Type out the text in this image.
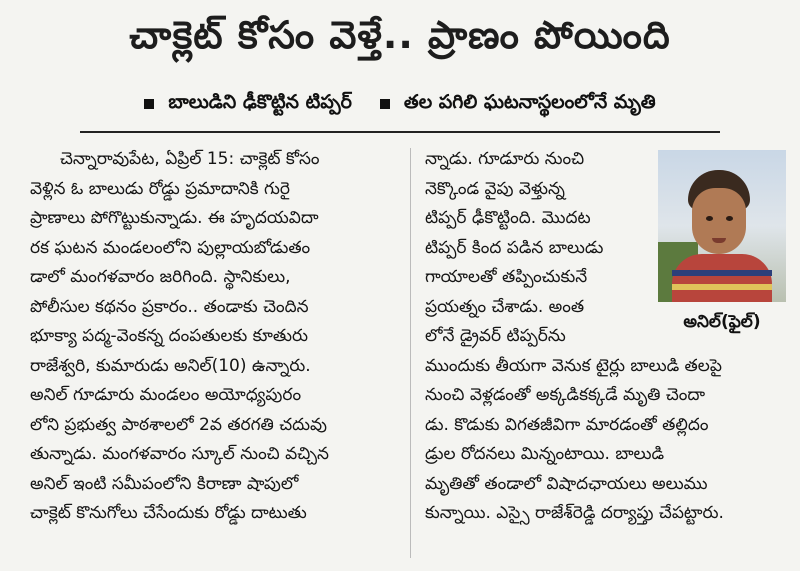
చాక్లెట్ కోసం వెళ్తే.. ప్రాణం పోయింది
బాలుడిని ఢీకొట్టిన టిప్పర్	తల పగిలి ఘటనాస్థలంలోనే మృతి
చెన్నారావుపేట, ఏప్రిల్ 15: చాక్లెట్ కోసం
వెళ్లిన ఓ బాలుడు రోడ్డు ప్రమాదానికి గురై
ప్రాణాలు పోగొట్టుకున్నాడు. ఈ హృదయవిదా
రక ఘటన మండలంలోని పుల్లాయబోడుతం
డాలో మంగళవారం జరిగింది. స్థానికులు,
పోలీసుల కథనం ప్రకారం.. తండాకు చెందిన
భూక్యా పద్మ-వెంకన్న దంపతులకు కూతురు
రాజేశ్వరి, కుమారుడు అనిల్(10) ఉన్నారు.
అనిల్ గూడూరు మండలం అయోధ్యపురం
లోని ప్రభుత్వ పాఠశాలలో 2వ తరగతి చదువు
తున్నాడు. మంగళవారం స్కూల్ నుంచి వచ్చిన
అనిల్ ఇంటి సమీపంలోని కిరాణా షాపులో
చాక్లెట్ కొనుగోలు చేసేందుకు రోడ్డు దాటుతు
న్నాడు. గూడూరు నుంచి
నెక్కొండ వైపు వెళ్తున్న
టిప్పర్ ఢీకొట్టింది. మొదట
టిప్పర్ కింద పడిన బాలుడు
గాయాలతో తప్పించుకునే
ప్రయత్నం చేశాడు. అంత
లోనే డ్రైవర్ టిప్పర్‌ను
ముందుకు తీయగా వెనుక టైర్లు బాలుడి తలపై
నుంచి వెళ్లడంతో అక్కడికక్కడే మృతి చెందా
డు. కొడుకు విగతజీవిగా మారడంతో తల్లిదం
డ్రుల రోదనలు మిన్నంటాయి. బాలుడి
మృతితో తండాలో విషాదఛాయలు అలుము
కున్నాయి. ఎస్సై రాజేశ్‌రెడ్డి దర్యాప్తు చేపట్టారు.
అనిల్(ఫైల్)
